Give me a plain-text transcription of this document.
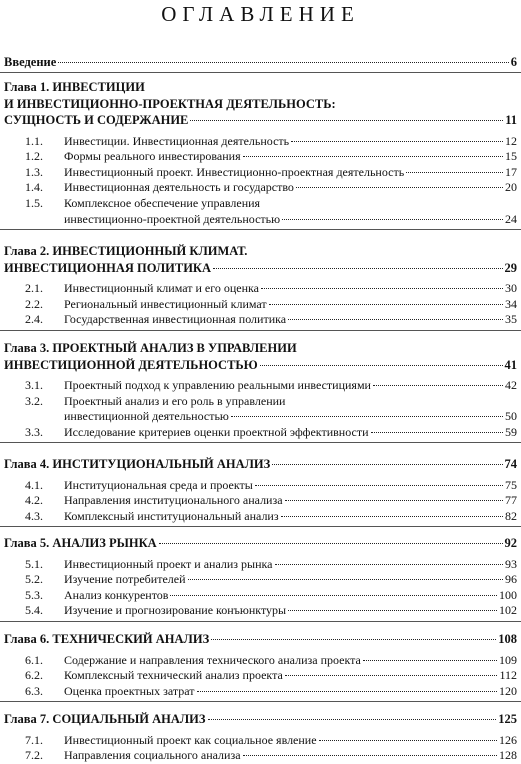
ОГЛАВЛЕНИЕ
Введение	6
Глава 1. ИНВЕСТИЦИИ
И ИНВЕСТИЦИОННО-ПРОЕКТНАЯ ДЕЯТЕЛЬНОСТЬ:
СУЩНОСТЬ И СОДЕРЖАНИЕ	11
1.1. Инвестиции. Инвестиционная деятельность	12
1.2. Формы реального инвестирования	15
1.3. Инвестиционный проект. Инвестиционно-проектная деятельность	17
1.4. Инвестиционная деятельность и государство	20
1.5. Комплексное обеспечение управления
инвестиционно-проектной деятельностью	24
Глава 2. ИНВЕСТИЦИОННЫЙ КЛИМАТ.
ИНВЕСТИЦИОННАЯ ПОЛИТИКА	29
2.1. Инвестиционный климат и его оценка	30
2.2. Региональный инвестиционный климат	34
2.4. Государственная инвестиционная политика	35
Глава 3. ПРОЕКТНЫЙ АНАЛИЗ В УПРАВЛЕНИИ
ИНВЕСТИЦИОННОЙ ДЕЯТЕЛЬНОСТЬЮ	41
3.1. Проектный подход к управлению реальными инвестициями	42
3.2. Проектный анализ и его роль в управлении
инвестиционной деятельностью	50
3.3. Исследование критериев оценки проектной эффективности	59
Глава 4. ИНСТИТУЦИОНАЛЬНЫЙ АНАЛИЗ	74
4.1. Институциональная среда и проекты	75
4.2. Направления институционального анализа	77
4.3. Комплексный институциональный анализ	82
Глава 5. АНАЛИЗ РЫНКА	92
5.1. Инвестиционный проект и анализ рынка	93
5.2. Изучение потребителей	96
5.3. Анализ конкурентов	100
5.4. Изучение и прогнозирование конъюнктуры	102
Глава 6. ТЕХНИЧЕСКИЙ АНАЛИЗ	108
6.1. Содержание и направления технического анализа проекта	109
6.2. Комплексный технический анализ проекта	112
6.3. Оценка проектных затрат	120
Глава 7. СОЦИАЛЬНЫЙ АНАЛИЗ	125
7.1. Инвестиционный проект как социальное явление	126
7.2. Направления социального анализа	128
